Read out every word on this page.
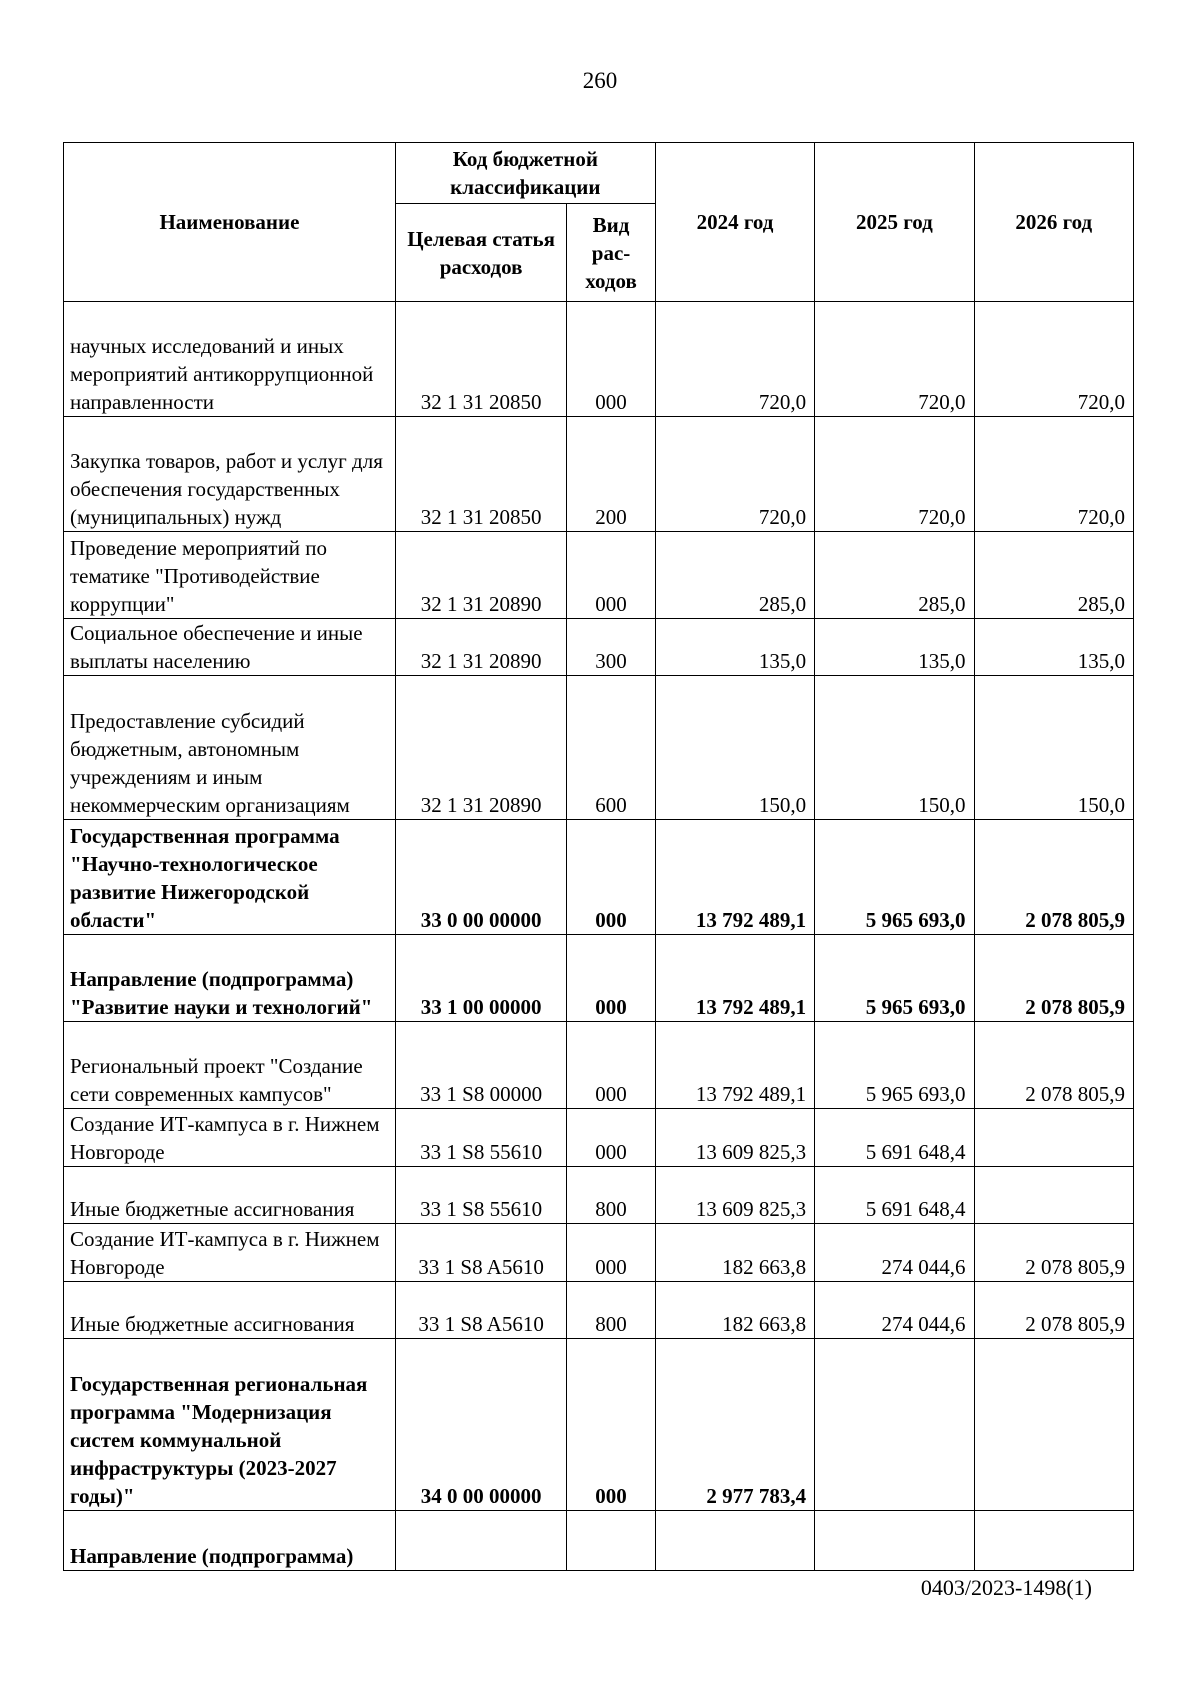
260
Наименование	Код бюджетной классификации		2024 год	2025 год	2026 год
	Целевая статья расходов	Вид рас-ходов			
научных исследований и иных мероприятий антикоррупционной направленности	32 1 31 20850	000	720,0	720,0	720,0
Закупка товаров, работ и услуг для обеспечения государственных (муниципальных) нужд	32 1 31 20850	200	720,0	720,0	720,0
Проведение мероприятий по тематике "Противодействие коррупции"	32 1 31 20890	000	285,0	285,0	285,0
Социальное обеспечение и иные выплаты населению	32 1 31 20890	300	135,0	135,0	135,0
Предоставление субсидий бюджетным, автономным учреждениям и иным некоммерческим организациям	32 1 31 20890	600	150,0	150,0	150,0
Государственная программа "Научно-технологическое развитие Нижегородской области"	33 0 00 00000	000	13 792 489,1	5 965 693,0	2 078 805,9
Направление (подпрограмма) "Развитие науки и технологий"	33 1 00 00000	000	13 792 489,1	5 965 693,0	2 078 805,9
Региональный проект "Создание сети современных кампусов"	33 1 S8 00000	000	13 792 489,1	5 965 693,0	2 078 805,9
Создание ИТ-кампуса в г. Нижнем Новгороде	33 1 S8 55610	000	13 609 825,3	5 691 648,4	
Иные бюджетные ассигнования	33 1 S8 55610	800	13 609 825,3	5 691 648,4	
Создание ИТ-кампуса в г. Нижнем Новгороде	33 1 S8 A5610	000	182 663,8	274 044,6	2 078 805,9
Иные бюджетные ассигнования	33 1 S8 A5610	800	182 663,8	274 044,6	2 078 805,9
Государственная региональная программа "Модернизация систем коммунальной инфраструктуры (2023-2027 годы)"	34 0 00 00000	000	2 977 783,4		
Направление (подпрограмма)					
0403/2023-1498(1)
